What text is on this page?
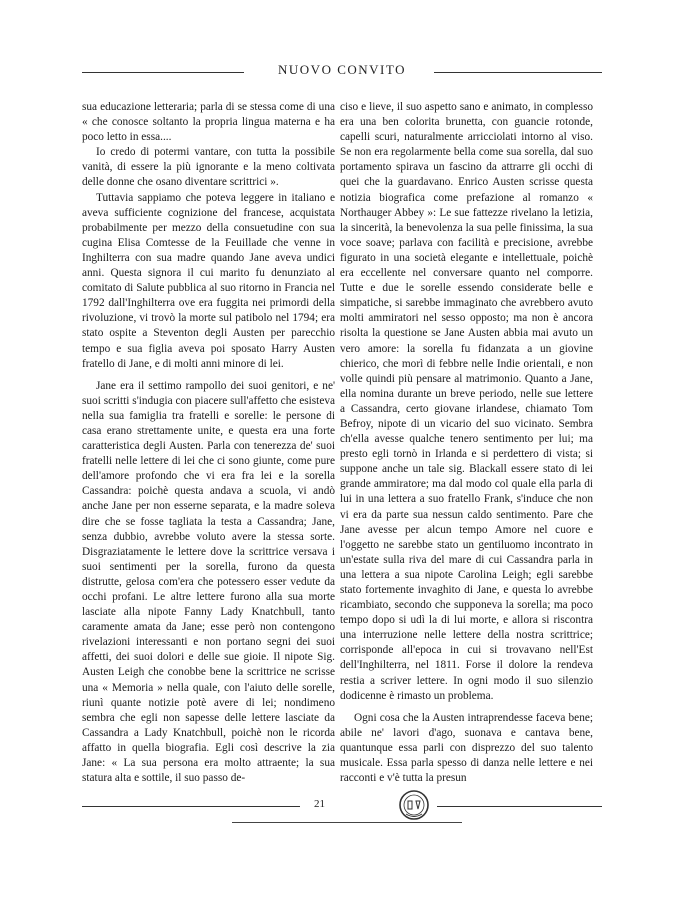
NUOVO CONVITO

sua educazione letteraria; parla di se stessa come di una « che conosce soltanto la propria lingua materna e ha poco letto in essa....

Io credo di potermi vantare, con tutta la possibile vanità, di essere la più ignorante e la meno coltivata delle donne che osano diventare scrittrici ».

Tuttavia sappiamo che poteva leggere in italiano e aveva sufficiente cognizione del francese, acquistata probabilmente per mezzo della consuetudine con sua cugina Elisa Comtesse de la Feuillade che venne in Inghilterra con sua madre quando Jane aveva undici anni. Questa signora il cui marito fu denunziato al comitato di Salute pubblica al suo ritorno in Francia nel 1792 dall'Inghilterra ove era fuggita nei primordi della rivoluzione, vi trovò la morte sul patibolo nel 1794; era stato ospite a Steventon degli Austen per parecchio tempo e sua figlia aveva poi sposato Harry Austen fratello di Jane, e di molti anni minore di lei.

Jane era il settimo rampollo dei suoi genitori, e ne' suoi scritti s'indugia con piacere sull'affetto che esisteva nella sua famiglia tra fratelli e sorelle: le persone di casa erano strettamente unite, e questa era una forte caratteristica degli Austen. Parla con tenerezza de' suoi fratelli nelle lettere di lei che ci sono giunte, come pure dell'amore profondo che vi era fra lei e la sorella Cassandra: poichè questa andava a scuola, vi andò anche Jane per non esserne separata, e la madre soleva dire che se fosse tagliata la testa a Cassandra; Jane, senza dubbio, avrebbe voluto avere la stessa sorte. Disgraziatamente le lettere dove la scrittrice versava i suoi sentimenti per la sorella, furono da questa distrutte, gelosa com'era che potessero esser vedute da occhi profani. Le altre lettere furono alla sua morte lasciate alla nipote Fanny Lady Knatchbull, tanto caramente amata da Jane; esse però non contengono rivelazioni interessanti e non portano segni dei suoi affetti, dei suoi dolori e delle sue gioie. Il nipote Sig. Austen Leigh che conobbe bene la scrittrice ne scrisse una « Memoria » nella quale, con l'aiuto delle sorelle, riunì quante notizie potè avere di lei; nondimeno sembra che egli non sapesse delle lettere lasciate da Cassandra a Lady Knatchbull, poichè non le ricorda affatto in quella biografia. Egli così descrive la zia Jane: « La sua persona era molto attraente; la sua statura alta e sottile, il suo passo de-

ciso e lieve, il suo aspetto sano e animato, in complesso era una ben colorita brunetta, con guancie rotonde, capelli scuri, naturalmente arricciolati intorno al viso. Se non era regolarmente bella come sua sorella, dal suo portamento spirava un fascino da attrarre gli occhi di quei che la guardavano. Enrico Austen scrisse questa notizia biografica come prefazione al romanzo « Northauger Abbey »: Le sue fattezze rivelano la letizia, la sincerità, la benevolenza la sua pelle finissima, la sua voce soave; parlava con facilità e precisione, avrebbe figurato in una società elegante e intellettuale, poichè era eccellente nel conversare quanto nel comporre. Tutte e due le sorelle essendo considerate belle e simpatiche, si sarebbe immaginato che avrebbero avuto molti ammiratori nel sesso opposto; ma non è ancora risolta la questione se Jane Austen abbia mai avuto un vero amore: la sorella fu fidanzata a un giovine chierico, che morì di febbre nelle Indie orientali, e non volle quindi più pensare al matrimonio. Quanto a Jane, ella nomina durante un breve periodo, nelle sue lettere a Cassandra, certo giovane irlandese, chiamato Tom Befroy, nipote di un vicario del suo vicinato. Sembra ch'ella avesse qualche tenero sentimento per lui; ma presto egli tornò in Irlanda e si perdettero di vista; si suppone anche un tale sig. Blackall essere stato di lei grande ammiratore; ma dal modo col quale ella parla di lui in una lettera a suo fratello Frank, s'induce che non vi era da parte sua nessun caldo sentimento. Pare che Jane avesse per alcun tempo Amore nel cuore e l'oggetto ne sarebbe stato un gentiluomo incontrato in un'estate sulla riva del mare di cui Cassandra parla in una lettera a sua nipote Carolina Leigh; egli sarebbe stato fortemente invaghito di Jane, e questa lo avrebbe ricambiato, secondo che supponeva la sorella; ma poco tempo dopo si udì la di lui morte, e allora si riscontra una interruzione nelle lettere della nostra scrittrice; corrisponde all'epoca in cui si trovavano nell'Est dell'Inghilterra, nel 1811. Forse il dolore la rendeva restia a scriver lettere. In ogni modo il suo silenzio dodicenne è rimasto un problema.

Ogni cosa che la Austen intraprendesse faceva bene; abile ne' lavori d'ago, suonava e cantava bene, quantunque essa parli con disprezzo del suo talento musicale. Essa parla spesso di danza nelle lettere e nei racconti e v'è tutta la presun

21
